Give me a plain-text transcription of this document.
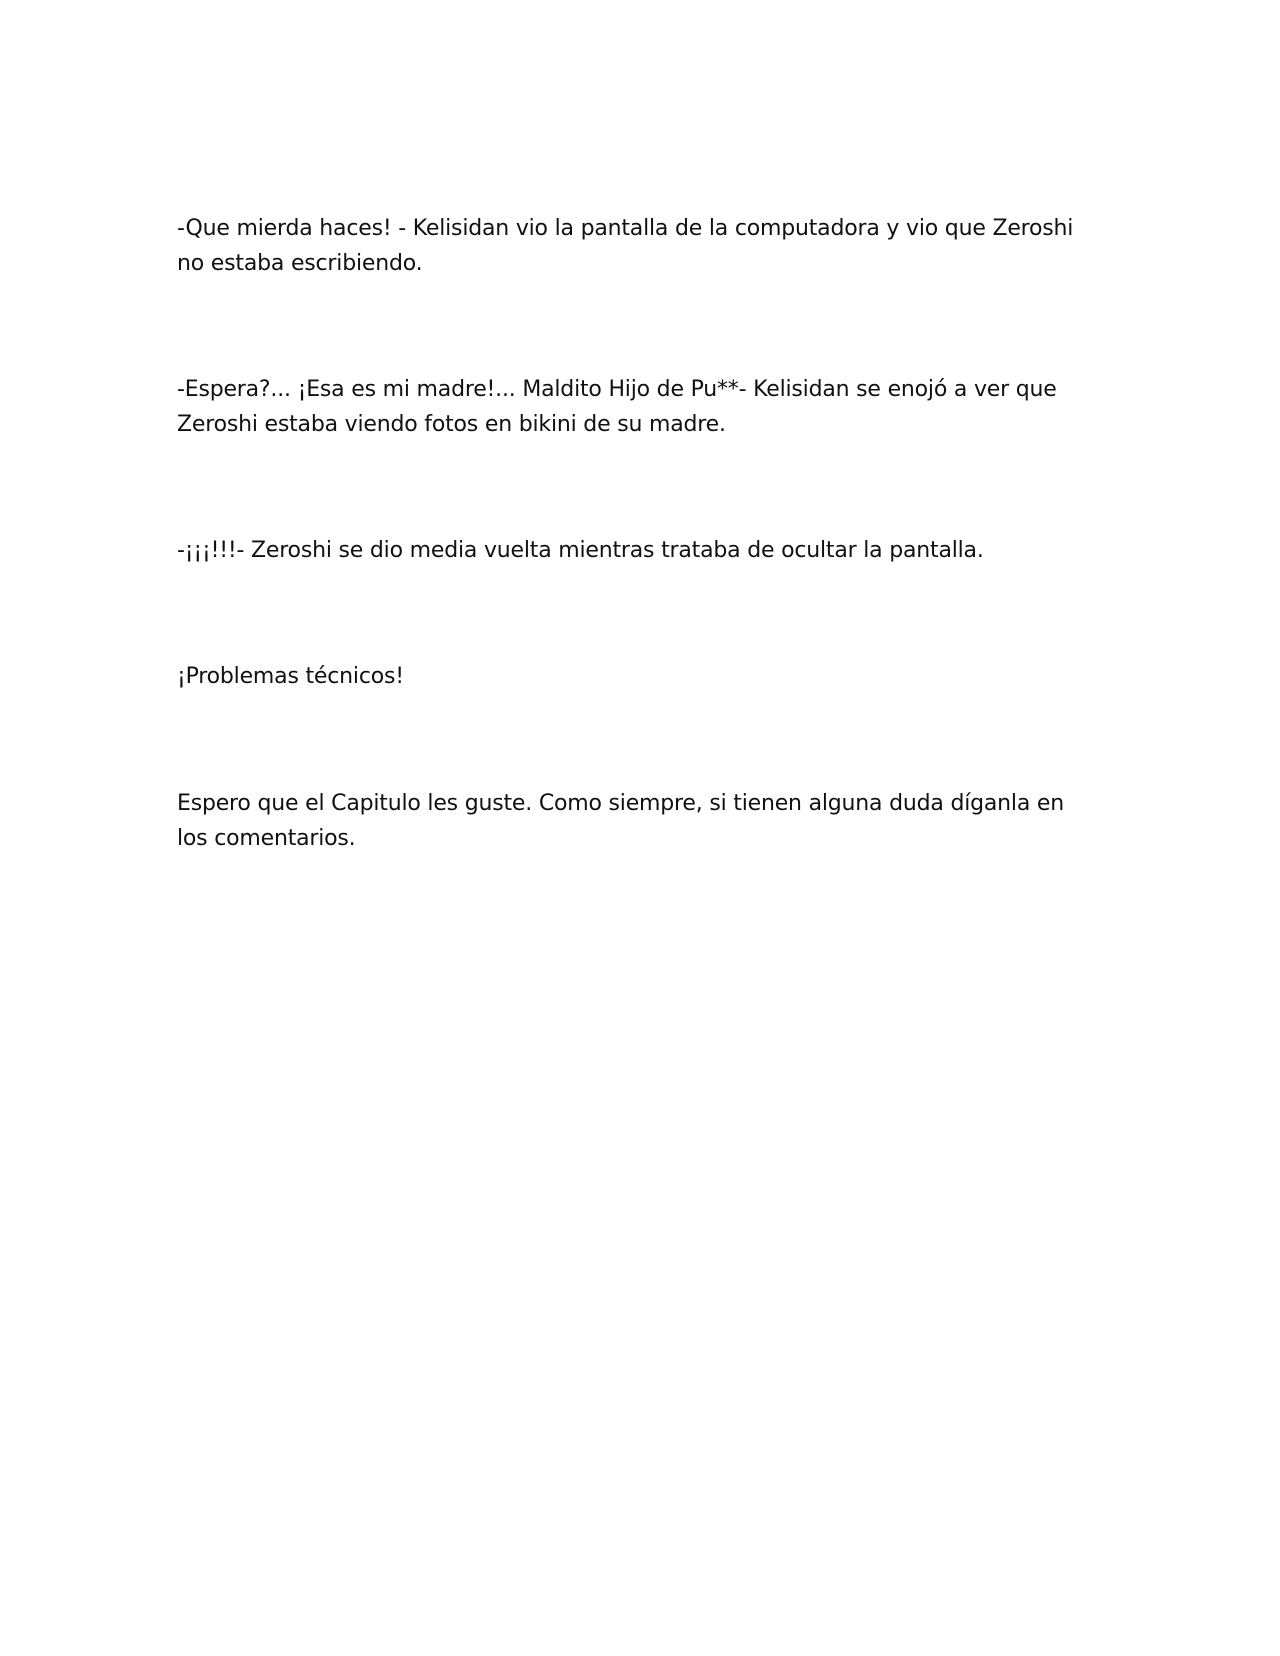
-Que mierda haces! - Kelisidan vio la pantalla de la computadora y vio que Zeroshi no estaba escribiendo.

-Espera?... ¡Esa es mi madre!... Maldito Hijo de Pu**- Kelisidan se enojó a ver que Zeroshi estaba viendo fotos en bikini de su madre.

-¡¡¡!!!- Zeroshi se dio media vuelta mientras trataba de ocultar la pantalla.

¡Problemas técnicos!

Espero que el Capitulo les guste. Como siempre, si tienen alguna duda díganla en los comentarios.
